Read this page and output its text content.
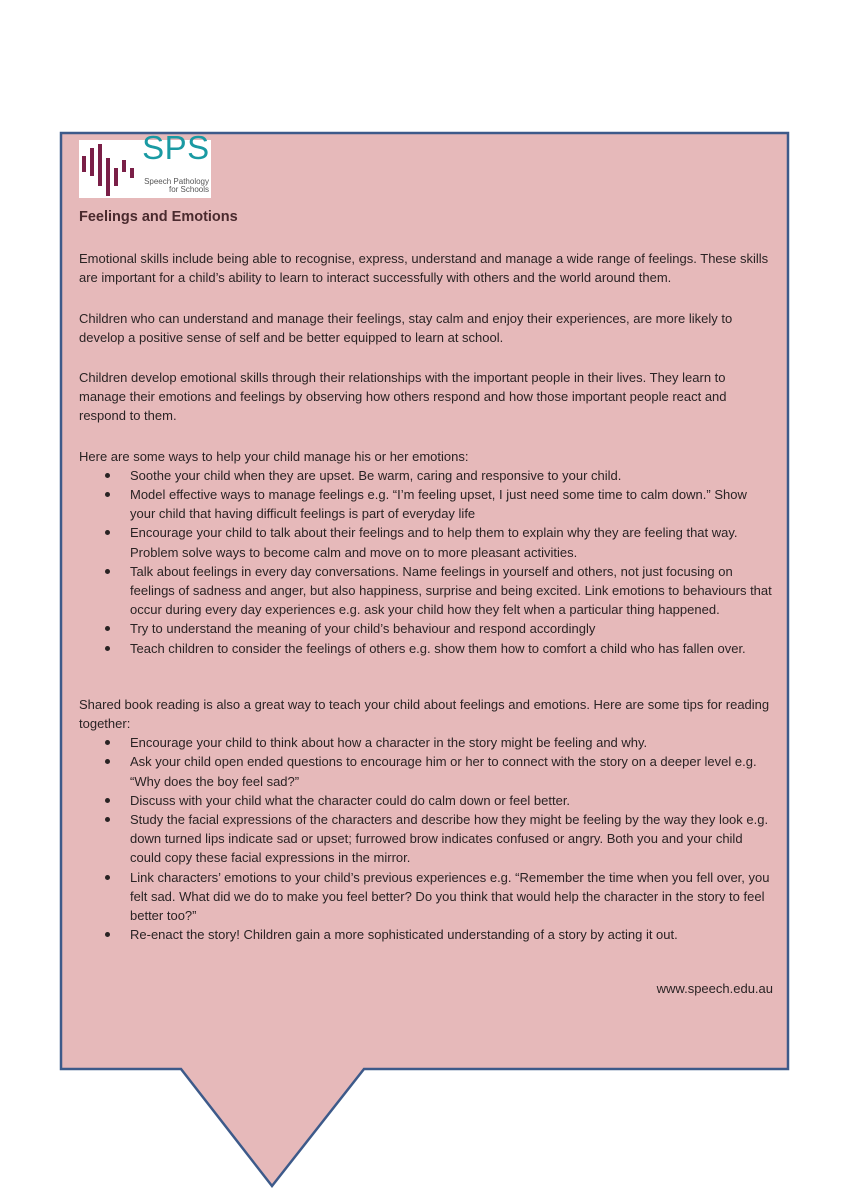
SPS
Speech Pathology
for Schools
Feelings and Emotions

Emotional skills include being able to recognise, express, understand and manage a wide range of feelings. These skills are important for a child’s ability to learn to interact successfully with others and the world around them.

Children who can understand and manage their feelings, stay calm and enjoy their experiences, are more likely to develop a positive sense of self and be better equipped to learn at school.

Children develop emotional skills through their relationships with the important people in their lives. They learn to manage their emotions and feelings by observing how others respond and how those important people react and respond to them.

Here are some ways to help your child manage his or her emotions:

Soothe your child when they are upset. Be warm, caring and responsive to your child.
Model effective ways to manage feelings e.g. “I’m feeling upset, I just need some time to calm down.” Show your child that having difficult feelings is part of everyday life
Encourage your child to talk about their feelings and to help them to explain why they are feeling that way. Problem solve ways to become calm and move on to more pleasant activities.
Talk about feelings in every day conversations. Name feelings in yourself and others, not just focusing on feelings of sadness and anger, but also happiness, surprise and being excited. Link emotions to behaviours that occur during every day experiences e.g. ask your child how they felt when a particular thing happened.
Try to understand the meaning of your child’s behaviour and respond accordingly
Teach children to consider the feelings of others e.g. show them how to comfort a child who has fallen over.

Shared book reading is also a great way to teach your child about feelings and emotions. Here are some tips for reading together:

Encourage your child to think about how a character in the story might be feeling and why.
Ask your child open ended questions to encourage him or her to connect with the story on a deeper level e.g. “Why does the boy feel sad?”
Discuss with your child what the character could do calm down or feel better.
Study the facial expressions of the characters and describe how they might be feeling by the way they look e.g. down turned lips indicate sad or upset; furrowed brow indicates confused or angry. Both you and your child could copy these facial expressions in the mirror.
Link characters’ emotions to your child’s previous experiences e.g. “Remember the time when you fell over, you felt sad. What did we do to make you feel better? Do you think that would help the character in the story to feel better too?”
Re-enact the story! Children gain a more sophisticated understanding of a story by acting it out.
www.speech.edu.au
